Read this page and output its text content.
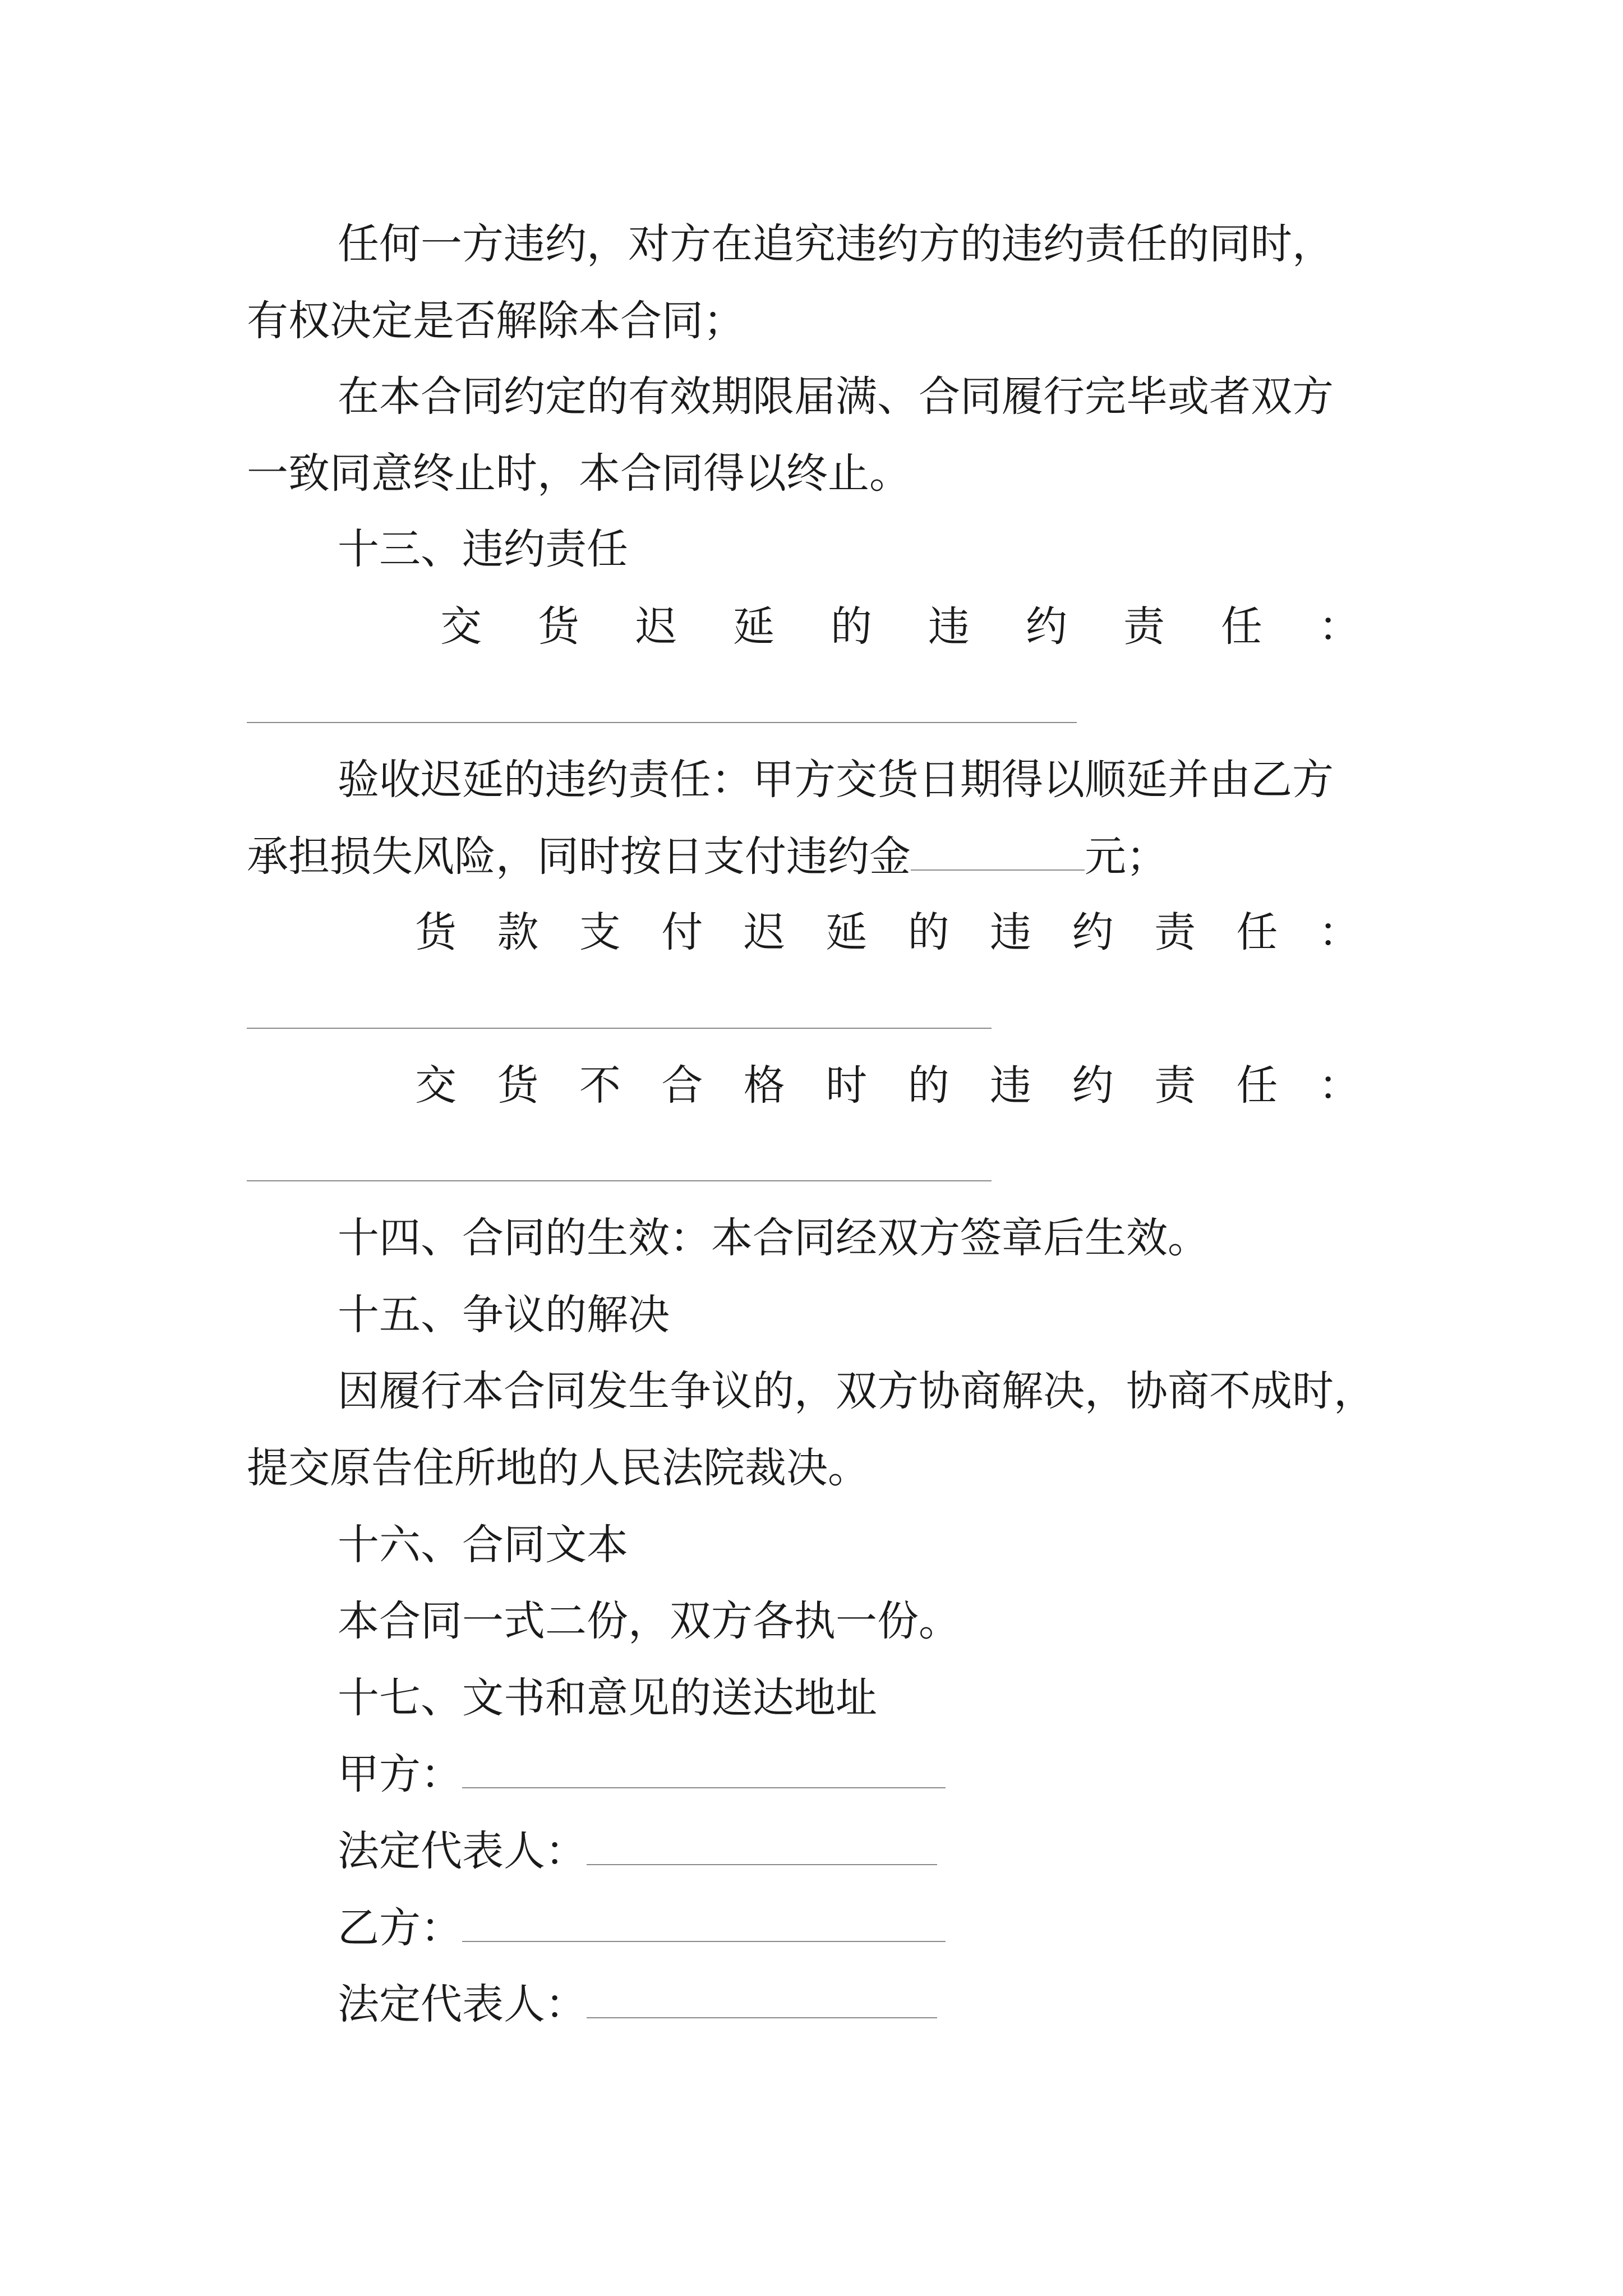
任何一方违约，对方在追究违约方的违约责任的同时，
有权决定是否解除本合同；
在本合同约定的有效期限届满、合同履行完毕或者双方
一致同意终止时，本合同得以终止。
十三、违约责任
交 货 迟 延 的 违 约 责 任 ：
验收迟延的违约责任：甲方交货日期得以顺延并由乙方
承担损失风险，同时按日支付违约金	元；
货 款 支 付 迟 延 的 违 约 责 任 ：
交 货 不 合 格 时 的 违 约 责 任 ：
十四、合同的生效：本合同经双方签章后生效。
十五、争议的解决
因履行本合同发生争议的，双方协商解决，协商不成时，
提交原告住所地的人民法院裁决。
十六、合同文本
本合同一式二份，双方各执一份。
十七、文书和意见的送达地址
甲方：
法定代表人：
乙方：
法定代表人：
